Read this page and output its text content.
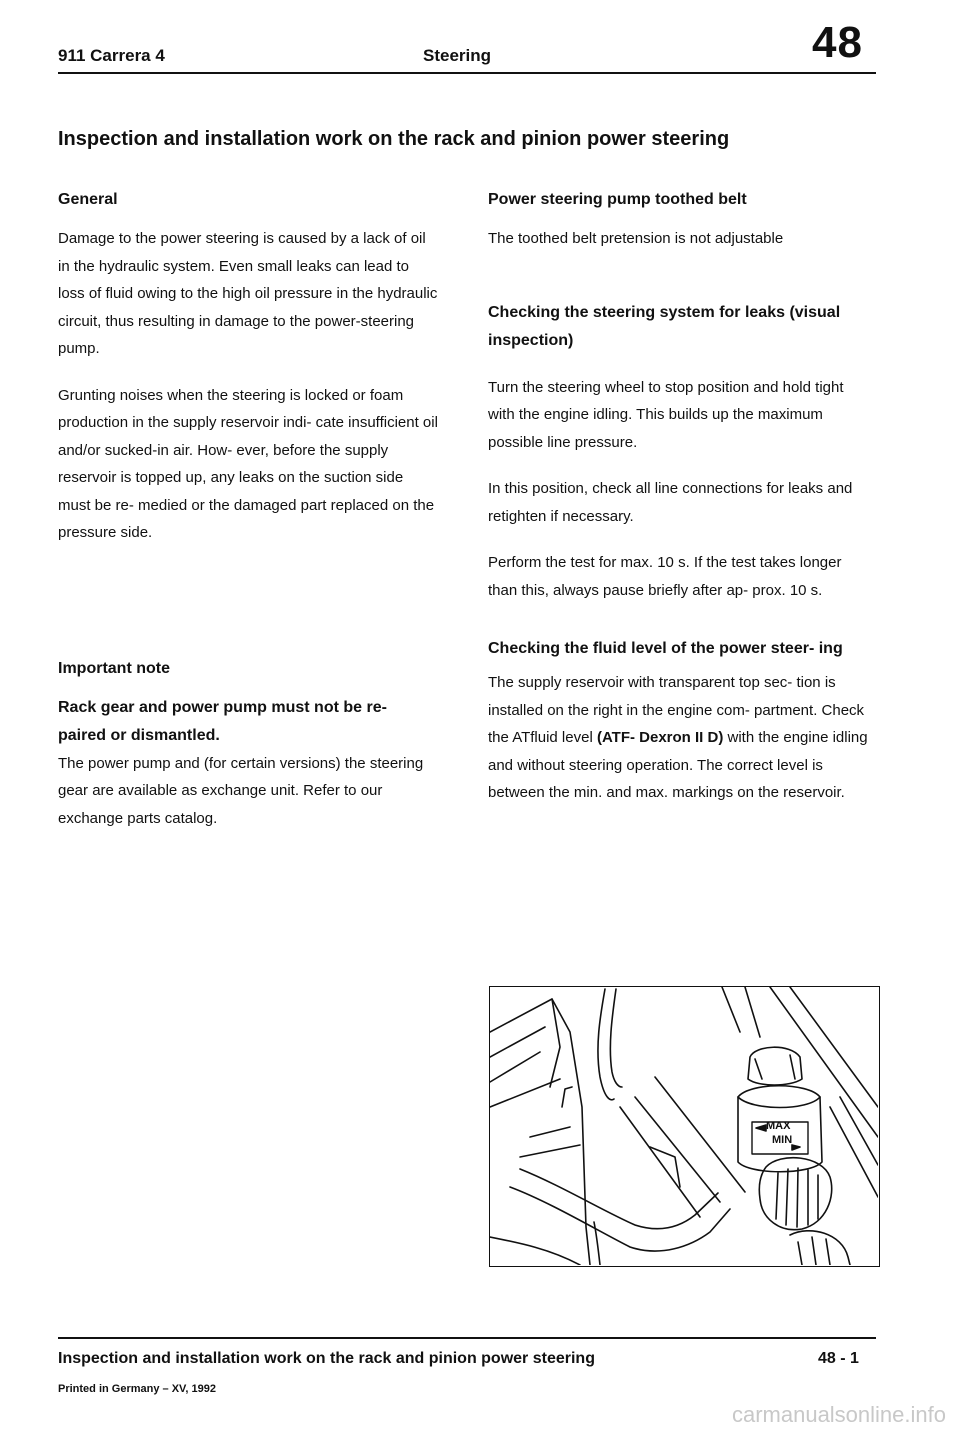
911 Carrera 4	Steering	48
Inspection and installation work on the rack and pinion power steering
General

Damage to the power steering is caused by a lack of oil in the hydraulic system. Even small leaks can lead to loss of fluid owing to the high oil pressure in the hydraulic circuit, thus resulting in damage to the power-steering pump.

Grunting noises when the steering is locked or foam production in the supply reservoir indi- cate insufficient oil and/or sucked-in air. How- ever, before the supply reservoir is topped up, any leaks on the suction side must be re- medied or the damaged part replaced on the pressure side.

Important note
Rack gear and power pump must not be re- paired or dismantled.

The power pump and (for certain versions) the steering gear are available as exchange unit. Refer to our exchange parts catalog.

Power steering pump toothed belt

The toothed belt pretension is not adjustable

Checking the steering system for leaks (visual inspection)

Turn the steering wheel to stop position and hold tight with the engine idling. This builds up the maximum possible line pressure.

In this position, check all line connections for leaks and retighten if necessary.

Perform the test for max. 10 s. If the test takes longer than this, always pause briefly after ap- prox. 10 s.

Checking the fluid level of the power steer- ing

The supply reservoir with transparent top sec- tion is installed on the right in the engine com- partment. Check the ATfluid level (ATF- Dexron II D) with the engine idling and without steering operation. The correct level is between the min. and max. markings on the reservoir.

MAX
MIN
Inspection and installation work on the rack and pinion power steering	48 - 1
Printed in Germany – XV, 1992
carmanualsonline.info
